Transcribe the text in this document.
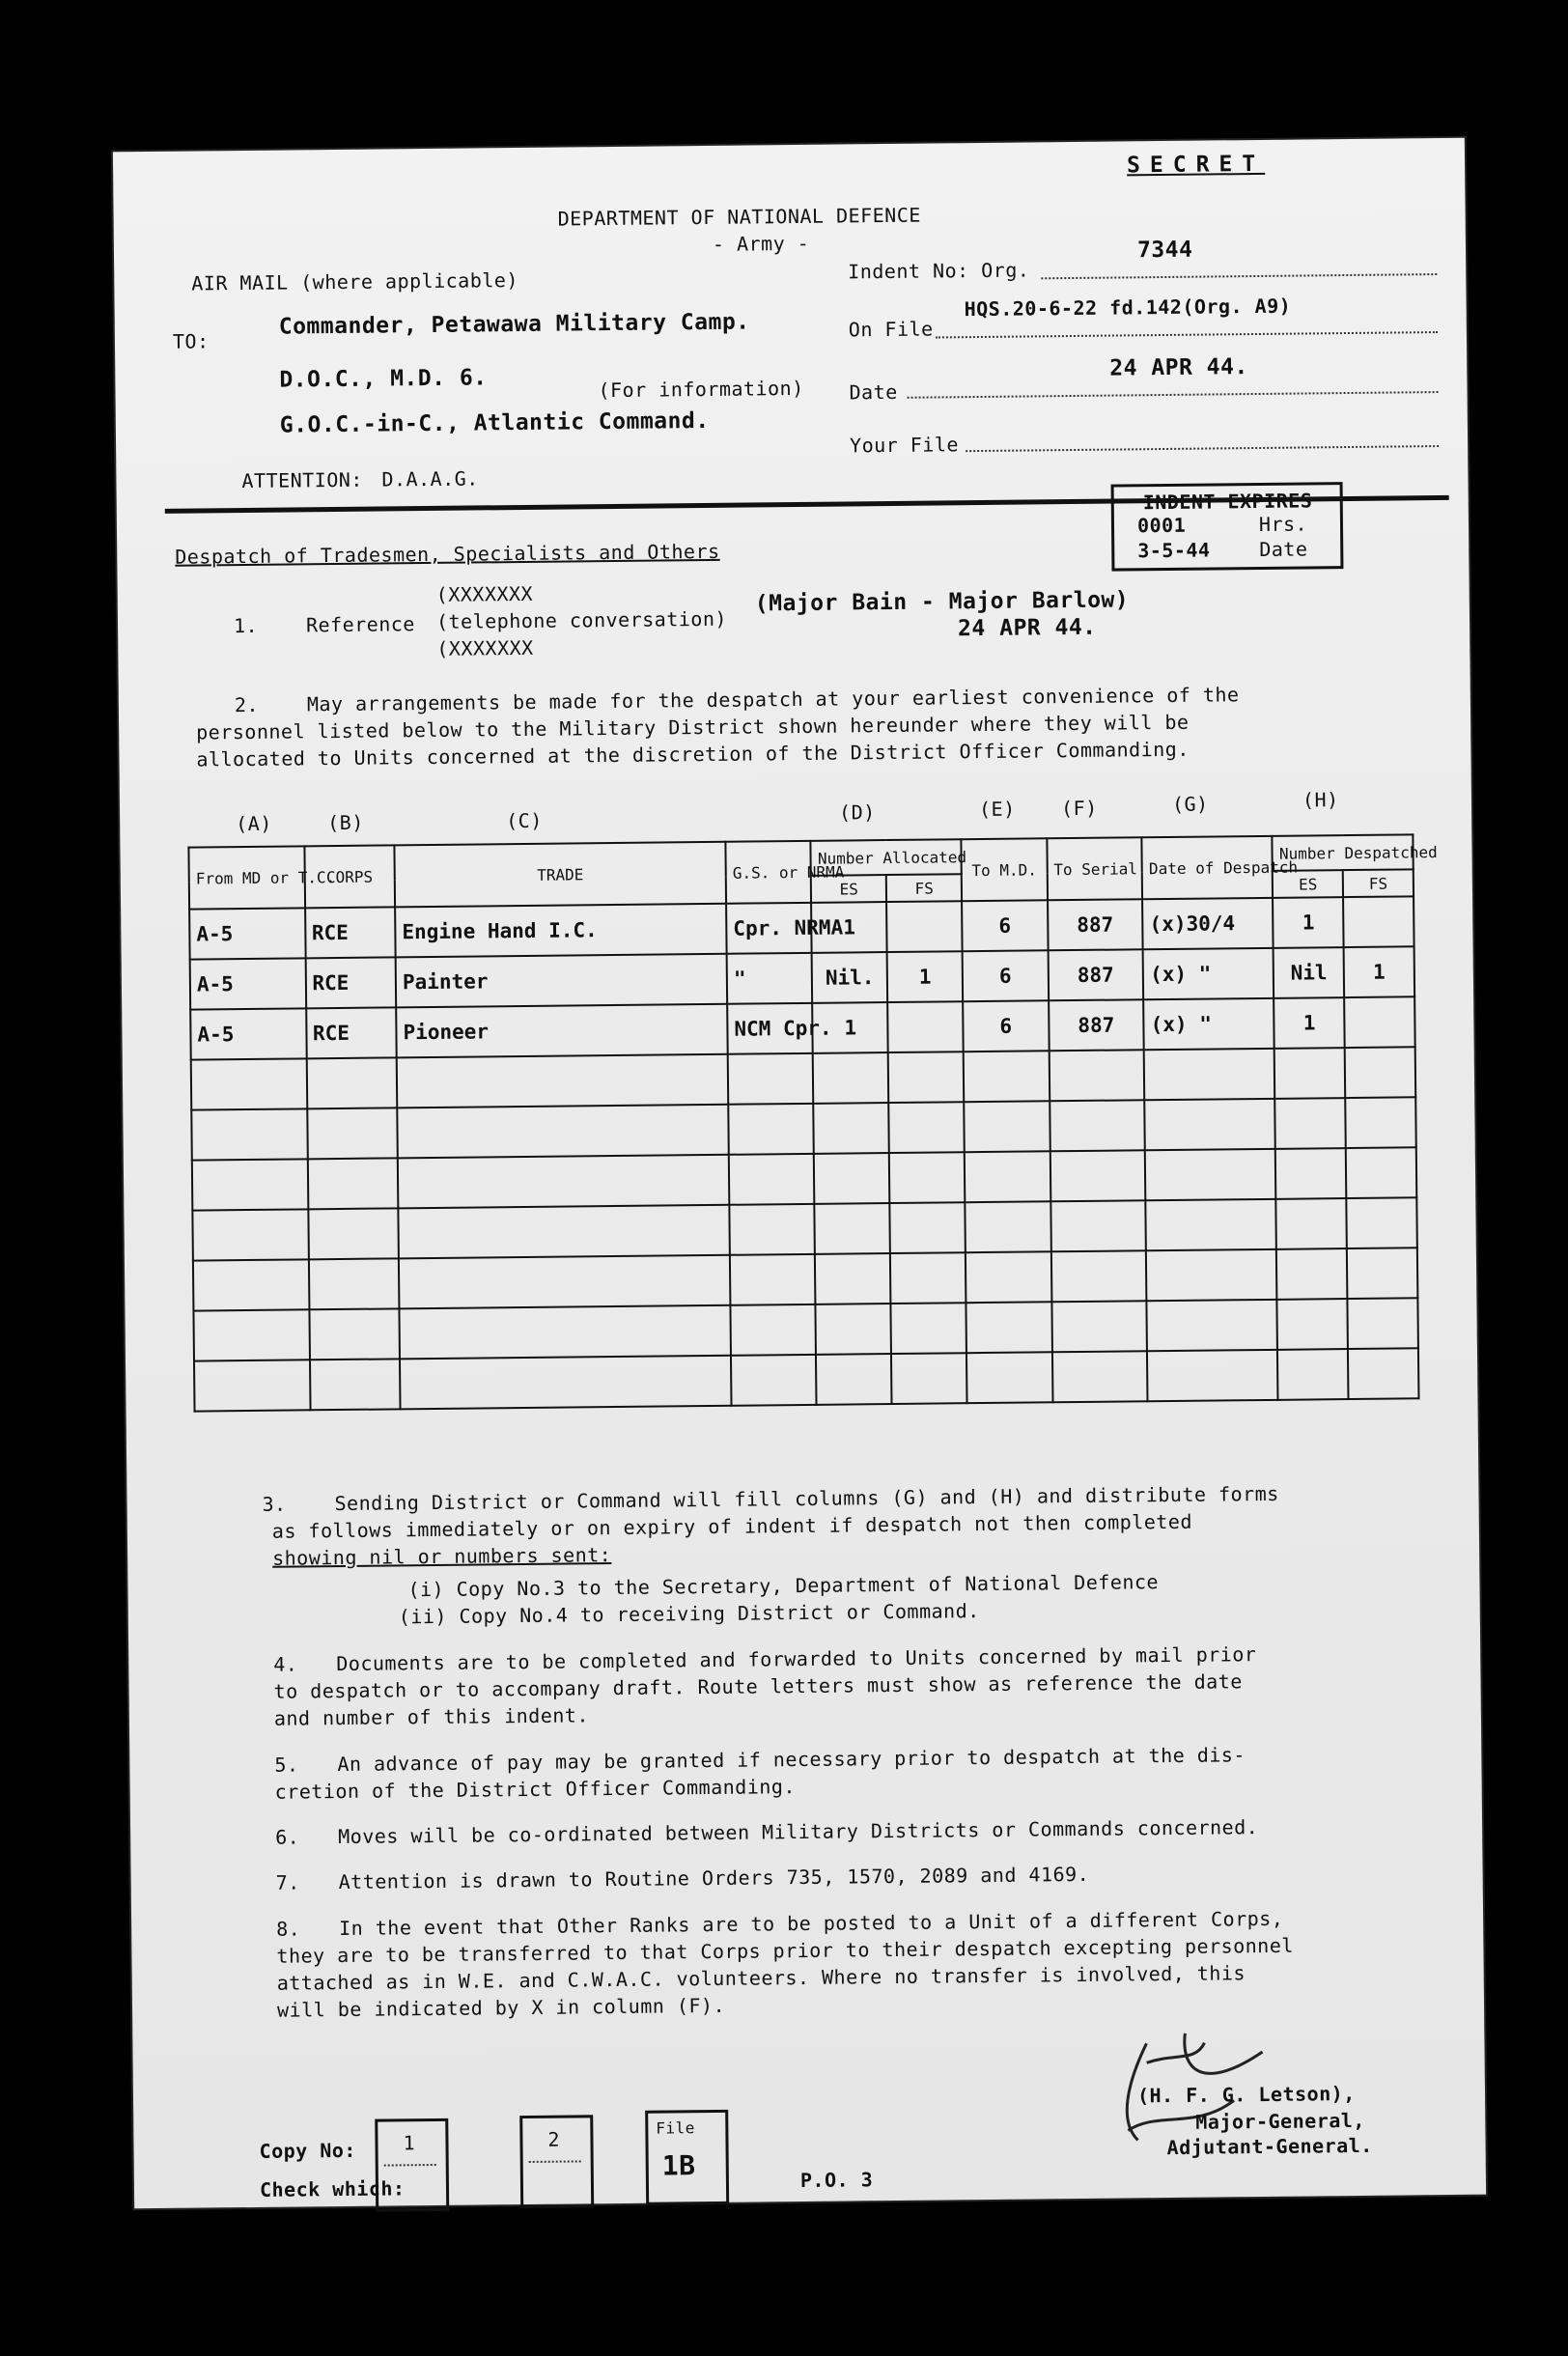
SECRET
DEPARTMENT OF NATIONAL DEFENCE
- Army -
AIR MAIL (where applicable)
TO:
Commander, Petawawa Military Camp.
D.O.C., M.D. 6.	(For information)
G.O.C.-in-C., Atlantic Command.
ATTENTION: D.A.A.G.
Indent No: Org.
7344
On File
HQS.20-6-22 fd.142(Org. A9)
Date
24 APR 44.
Your File
Despatch of Tradesmen, Specialists and Others
INDENT EXPIRES
0001	Hrs.
3-5-44	Date
1. Reference
(XXXXXXX
(telephone conversation)
(XXXXXXX
(Major Bain - Major Barlow)
24 APR 44.
2. May arrangements be made for the despatch at your earliest convenience of the
personnel listed below to the Military District shown hereunder where they will be
allocated to Units concerned at the discretion of the District Officer Commanding.
(A)	(B)	(C)	(D)	(E) (F)	(G)	(H)
From MD or T.C.	CORPS	TRADE	G.S. or NRMA	Number Allocated		To M.D.	To Serial	Date of Despatch	Number Despatched	
				ES	FS				ES	FS
A-5	RCE	Engine Hand I.C.	Cpr. NRMA	1		6	887	(x)30/4	1	
A-5	RCE	Painter	"	Nil.	1	6	887	(x) "	Nil	1
A-5	RCE	Pioneer	NCM Cpr.	1		6	887	(x) "	1	

3. Sending District or Command will fill columns (G) and (H) and distribute forms
as follows immediately or on expiry of indent if despatch not then completed
showing nil or numbers sent:
(i) Copy No.3 to the Secretary, Department of National Defence
(ii) Copy No.4 to receiving District or Command.
4. Documents are to be completed and forwarded to Units concerned by mail prior
to despatch or to accompany draft. Route letters must show as reference the date
and number of this indent.
5. An advance of pay may be granted if necessary prior to despatch at the dis-
cretion of the District Officer Commanding.
6. Moves will be co-ordinated between Military Districts or Commands concerned.
7. Attention is drawn to Routine Orders 735, 1570, 2089 and 4169.
8. In the event that Other Ranks are to be posted to a Unit of a different Corps,
they are to be transferred to that Corps prior to their despatch excepting personnel
attached as in W.E. and C.W.A.C. volunteers. Where no transfer is involved, this
will be indicated by X in column (F).
(H. F. G. Letson),
Major-General,
Adjutant-General.
Copy No:
Check which:
1	2	File
1B	P.O. 3
